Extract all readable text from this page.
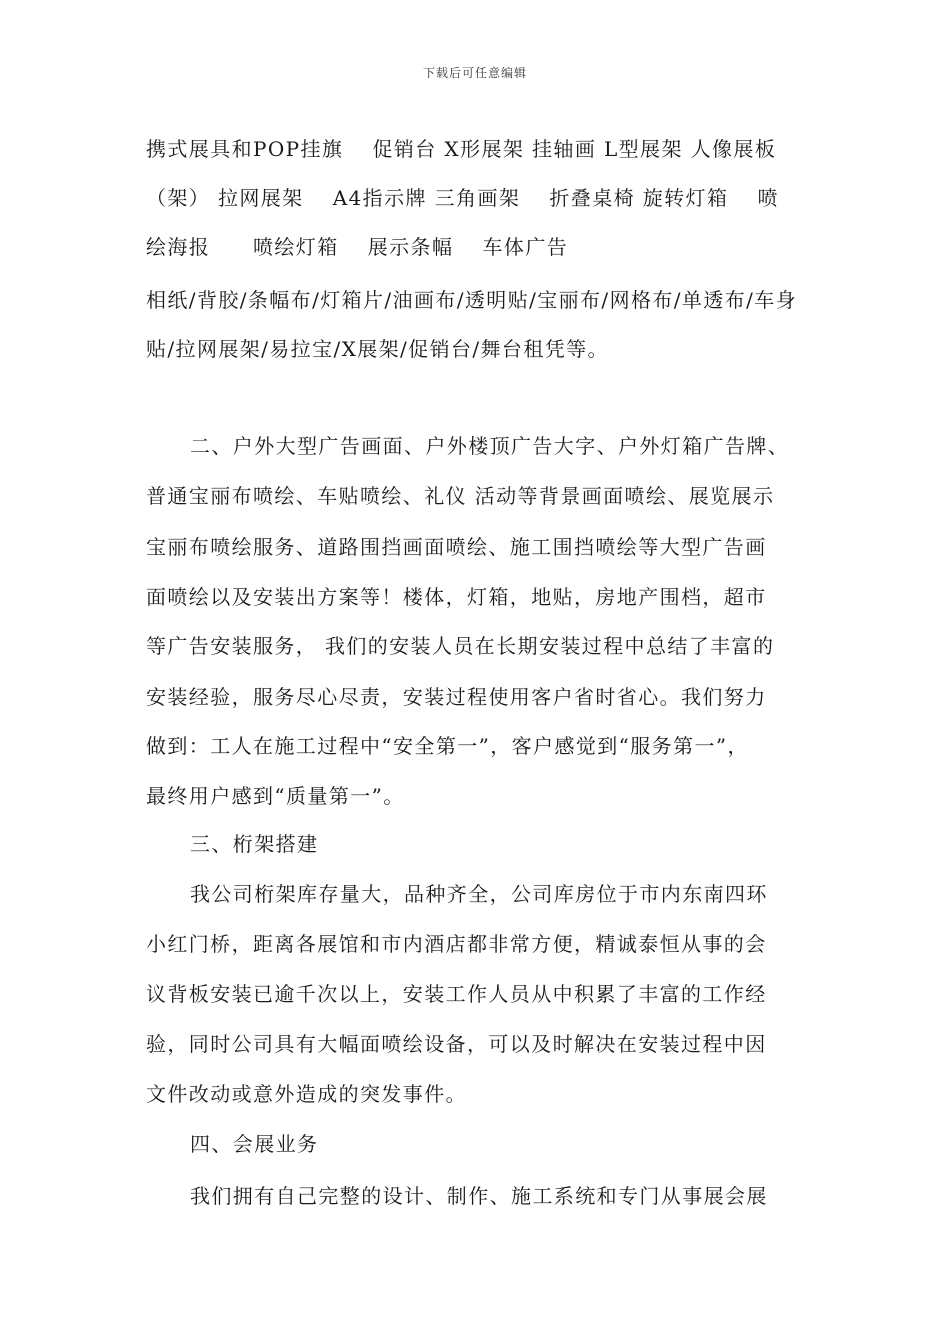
下载后可任意编辑
携式展具和POP挂旗　 促销台 X形展架 挂轴画 L型展架 人像展板
（架） 拉网展架 　A4指示牌 三角画架　 折叠桌椅 旋转灯箱 　喷
绘海报　　喷绘灯箱　 展示条幅　 车体广告
相纸/背胶/条幅布/灯箱片/油画布/透明贴/宝丽布/网格布/单透布/车身
贴/拉网展架/易拉宝/X展架/促销台/舞台租凭等。
二、户外大型广告画面、户外楼顶广告大字、户外灯箱广告牌、
普通宝丽布喷绘、车贴喷绘、礼仪 活动等背景画面喷绘、展览展示
宝丽布喷绘服务、道路围挡画面喷绘、施工围挡喷绘等大型广告画
面喷绘以及安装出方案等！楼体，灯箱，地贴，房地产围档，超市
等广告安装服务， 我们的安装人员在长期安装过程中总结了丰富的
安装经验，服务尽心尽责，安装过程使用客户省时省心。我们努力
做到：工人在施工过程中“安全第一”，客户感觉到“服务第一”，
最终用户感到“质量第一”。
三、桁架搭建
我公司桁架库存量大，品种齐全，公司库房位于市内东南四环
小红门桥，距离各展馆和市内酒店都非常方便，精诚泰恒从事的会
议背板安装已逾千次以上，安装工作人员从中积累了丰富的工作经
验，同时公司具有大幅面喷绘设备，可以及时解决在安装过程中因
文件改动或意外造成的突发事件。
四、会展业务
我们拥有自己完整的设计、制作、施工系统和专门从事展会展
